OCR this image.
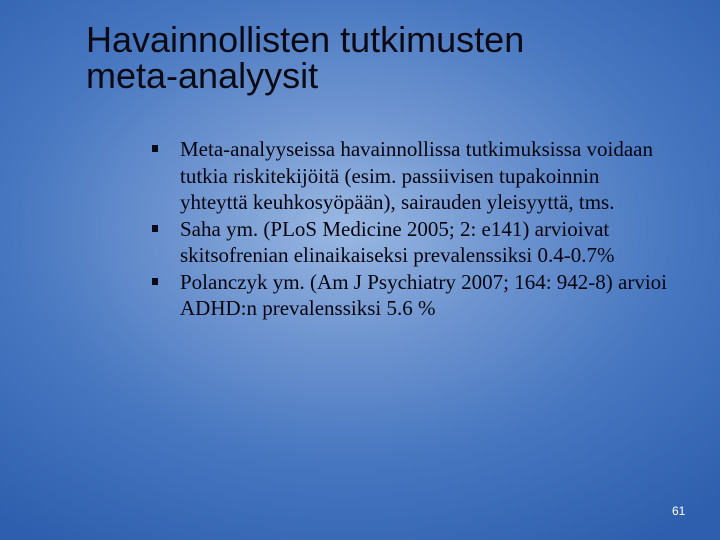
Havainnollisten tutkimusten
meta-analyysit
Meta-analyyseissa havainnollissa tutkimuksissa voidaan tutkia riskitekijöitä (esim. passiivisen tupakoinnin yhteyttä keuhkosyöpään), sairauden yleisyyttä, tms.
Saha ym. (PLoS Medicine 2005; 2: e141) arvioivat skitsofrenian elinaikaiseksi prevalenssiksi 0.4-0.7%
Polanczyk ym. (Am J Psychiatry 2007; 164: 942-8) arvioi ADHD:n prevalenssiksi 5.6 %
61
